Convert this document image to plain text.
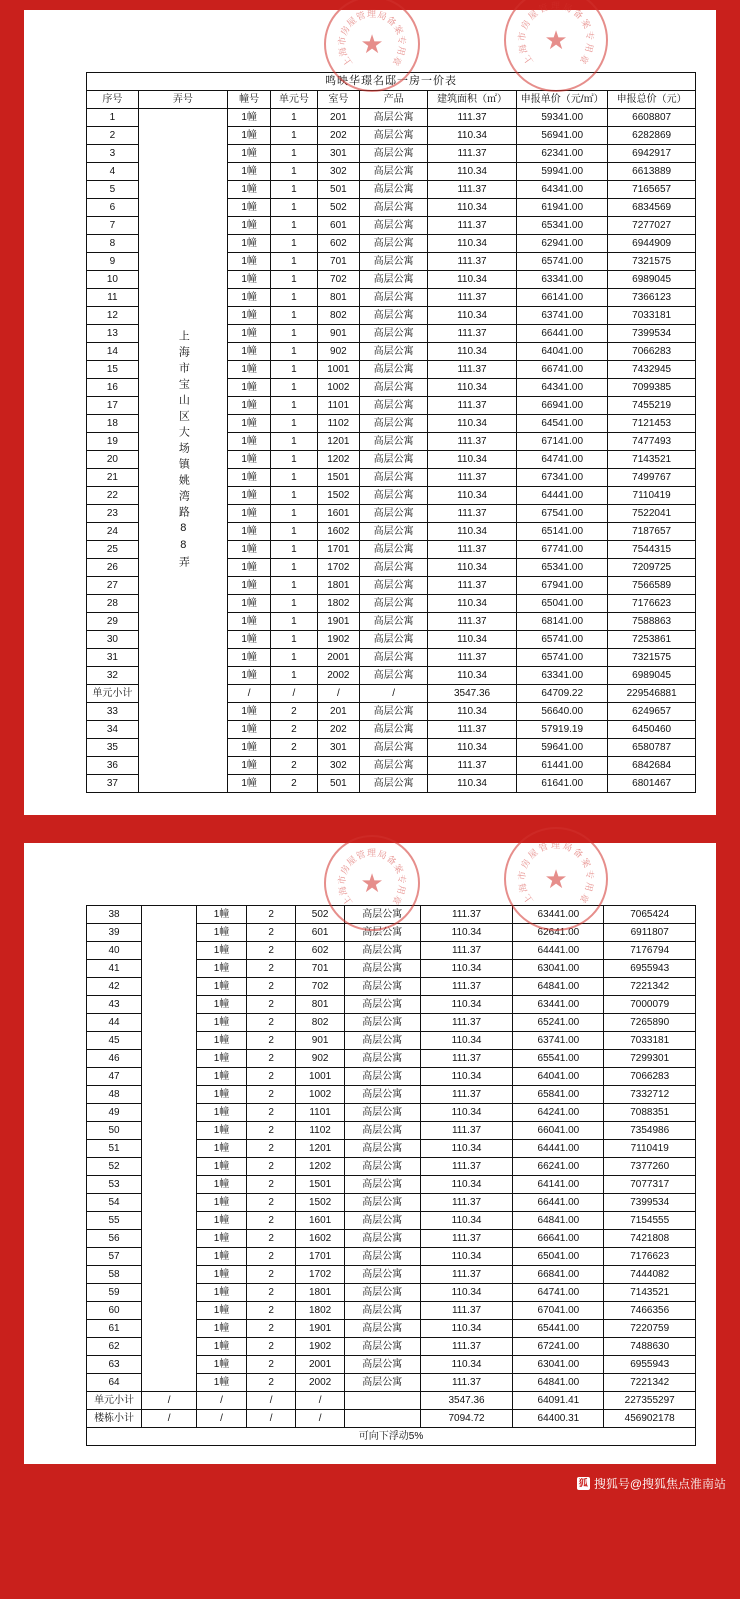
★
上
海
市
房
屋
管 理 局
备
案
专
用
章
★
上
海
市
房
屋
管 理 局
备
案
专
用
章
鸣映华璟名邸一房一价表								
序号	弄号	幢号	单元号	室号	产品	建筑面积（㎡）	申报单价（元/㎡）	申报总价（元）
1	上海市宝山区大场镇姚湾路88弄	1幢	1	201	高层公寓	111.37	59341.00	6608807
2		1幢	1	202	高层公寓	110.34	56941.00	6282869
3		1幢	1	301	高层公寓	111.37	62341.00	6942917
4		1幢	1	302	高层公寓	110.34	59941.00	6613889
5		1幢	1	501	高层公寓	111.37	64341.00	7165657
6		1幢	1	502	高层公寓	110.34	61941.00	6834569
7		1幢	1	601	高层公寓	111.37	65341.00	7277027
8		1幢	1	602	高层公寓	110.34	62941.00	6944909
9		1幢	1	701	高层公寓	111.37	65741.00	7321575
10		1幢	1	702	高层公寓	110.34	63341.00	6989045
11		1幢	1	801	高层公寓	111.37	66141.00	7366123
12		1幢	1	802	高层公寓	110.34	63741.00	7033181
13		1幢	1	901	高层公寓	111.37	66441.00	7399534
14		1幢	1	902	高层公寓	110.34	64041.00	7066283
15		1幢	1	1001	高层公寓	111.37	66741.00	7432945
16		1幢	1	1002	高层公寓	110.34	64341.00	7099385
17		1幢	1	1101	高层公寓	111.37	66941.00	7455219
18		1幢	1	1102	高层公寓	110.34	64541.00	7121453
19		1幢	1	1201	高层公寓	111.37	67141.00	7477493
20		1幢	1	1202	高层公寓	110.34	64741.00	7143521
21		1幢	1	1501	高层公寓	111.37	67341.00	7499767
22		1幢	1	1502	高层公寓	110.34	64441.00	7110419
23		1幢	1	1601	高层公寓	111.37	67541.00	7522041
24		1幢	1	1602	高层公寓	110.34	65141.00	7187657
25		1幢	1	1701	高层公寓	111.37	67741.00	7544315
26		1幢	1	1702	高层公寓	110.34	65341.00	7209725
27		1幢	1	1801	高层公寓	111.37	67941.00	7566589
28		1幢	1	1802	高层公寓	110.34	65041.00	7176623
29		1幢	1	1901	高层公寓	111.37	68141.00	7588863
30		1幢	1	1902	高层公寓	110.34	65741.00	7253861
31		1幢	1	2001	高层公寓	111.37	65741.00	7321575
32		1幢	1	2002	高层公寓	110.34	63341.00	6989045
单元小计		/	/	/	/	3547.36	64709.22	229546881
33		1幢	2	201	高层公寓	110.34	56640.00	6249657
34		1幢	2	202	高层公寓	111.37	57919.19	6450460
35		1幢	2	301	高层公寓	110.34	59641.00	6580787
36		1幢	2	302	高层公寓	111.37	61441.00	6842684
37		1幢	2	501	高层公寓	110.34	61641.00	6801467
★
上
海
市
房
屋
管 理 局
备
案
专
用
章
★
上
海
市
房
屋
管 理 局
备
案
专
用
章
38		1幢	2	502	高层公寓	111.37	63441.00	7065424
39		1幢	2	601	高层公寓	110.34	62641.00	6911807
40		1幢	2	602	高层公寓	111.37	64441.00	7176794
41		1幢	2	701	高层公寓	110.34	63041.00	6955943
42		1幢	2	702	高层公寓	111.37	64841.00	7221342
43		1幢	2	801	高层公寓	110.34	63441.00	7000079
44		1幢	2	802	高层公寓	111.37	65241.00	7265890
45		1幢	2	901	高层公寓	110.34	63741.00	7033181
46		1幢	2	902	高层公寓	111.37	65541.00	7299301
47		1幢	2	1001	高层公寓	110.34	64041.00	7066283
48		1幢	2	1002	高层公寓	111.37	65841.00	7332712
49		1幢	2	1101	高层公寓	110.34	64241.00	7088351
50		1幢	2	1102	高层公寓	111.37	66041.00	7354986
51		1幢	2	1201	高层公寓	110.34	64441.00	7110419
52		1幢	2	1202	高层公寓	111.37	66241.00	7377260
53		1幢	2	1501	高层公寓	110.34	64141.00	7077317
54		1幢	2	1502	高层公寓	111.37	66441.00	7399534
55		1幢	2	1601	高层公寓	110.34	64841.00	7154555
56		1幢	2	1602	高层公寓	111.37	66641.00	7421808
57		1幢	2	1701	高层公寓	110.34	65041.00	7176623
58		1幢	2	1702	高层公寓	111.37	66841.00	7444082
59		1幢	2	1801	高层公寓	110.34	64741.00	7143521
60		1幢	2	1802	高层公寓	111.37	67041.00	7466356
61		1幢	2	1901	高层公寓	110.34	65441.00	7220759
62		1幢	2	1902	高层公寓	111.37	67241.00	7488630
63		1幢	2	2001	高层公寓	110.34	63041.00	6955943
64		1幢	2	2002	高层公寓	111.37	64841.00	7221342
单元小计	/	/	/	/		3547.36	64091.41	227355297
楼栋小计	/	/	/	/		7094.72	64400.31	456902178
可向下浮动5%								
狐 搜狐号@搜狐焦点淮南站
